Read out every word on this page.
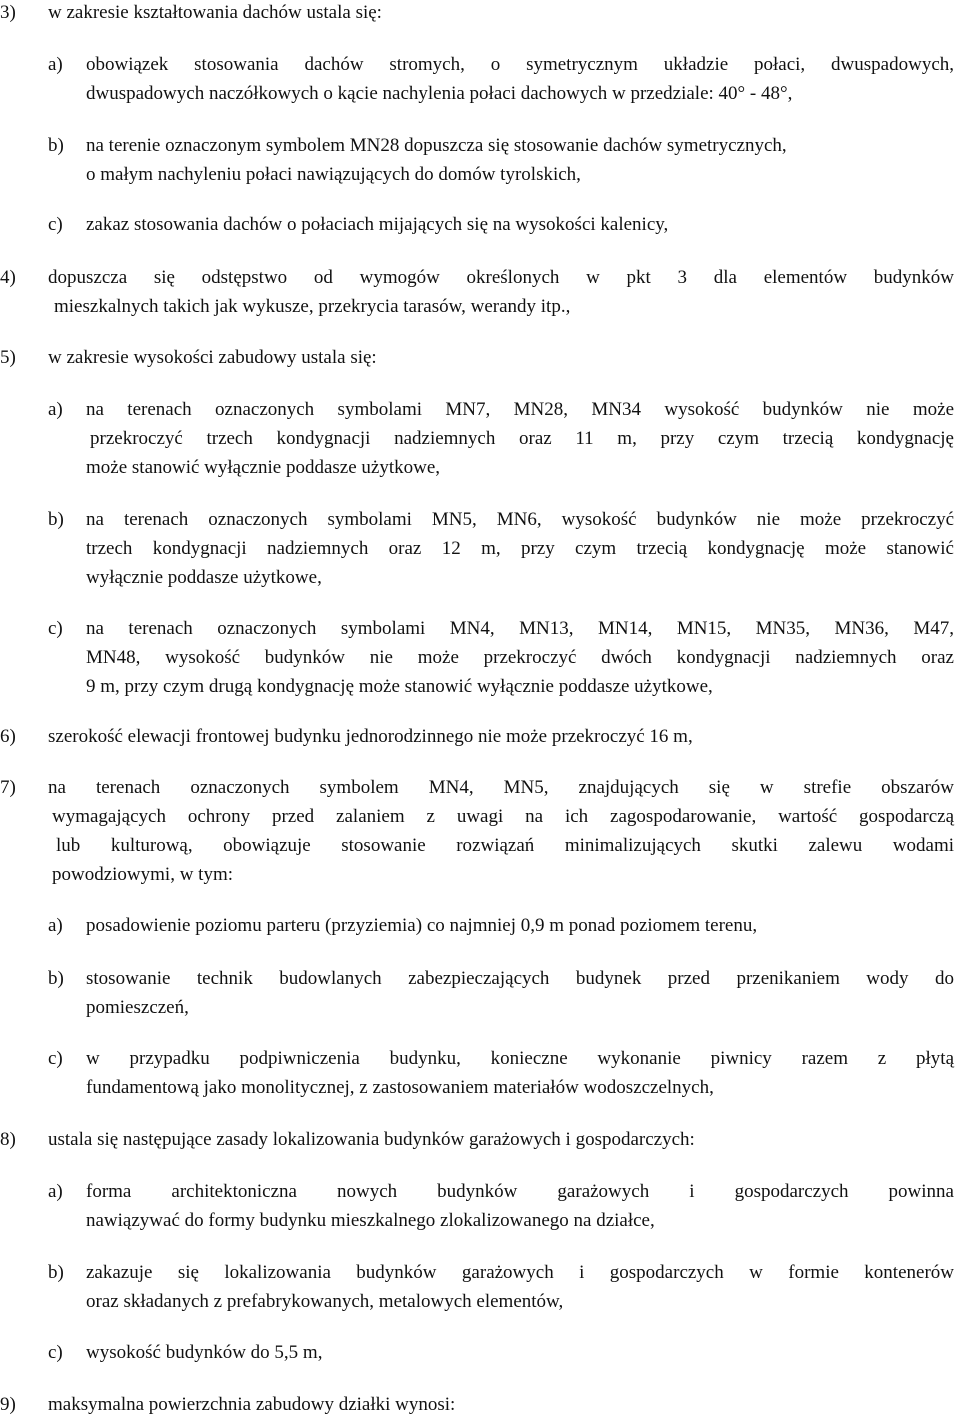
3)	w zakresie kształtowania dachów ustala się:
a)	obowiązek stosowania dachów stromych, o symetrycznym układzie połaci, dwuspadowych,
dwuspadowych naczółkowych o kącie nachylenia połaci dachowych w przedziale: 40° - 48°,
b)	na terenie oznaczonym symbolem MN28 dopuszcza się stosowanie dachów symetrycznych,
o małym nachyleniu połaci nawiązujących do domów tyrolskich,
c)	zakaz stosowania dachów o połaciach mijających się na wysokości kalenicy,
4)	dopuszcza się odstępstwo od wymogów określonych w pkt 3 dla elementów budynków
mieszkalnych takich jak wykusze, przekrycia tarasów, werandy itp.,
5)	w zakresie wysokości zabudowy ustala się:
a)	na terenach oznaczonych symbolami MN7, MN28, MN34 wysokość budynków nie może
przekroczyć trzech kondygnacji nadziemnych oraz 11 m, przy czym trzecią kondygnację
może stanowić wyłącznie poddasze użytkowe,
b)	na terenach oznaczonych symbolami MN5, MN6, wysokość budynków nie może przekroczyć
trzech kondygnacji nadziemnych oraz 12 m, przy czym trzecią kondygnację może stanowić
wyłącznie poddasze użytkowe,
c)	na terenach oznaczonych symbolami MN4, MN13, MN14, MN15, MN35, MN36, M47,
MN48, wysokość budynków nie może przekroczyć dwóch kondygnacji nadziemnych oraz
9 m, przy czym drugą kondygnację może stanowić wyłącznie poddasze użytkowe,
6)	szerokość elewacji frontowej budynku jednorodzinnego nie może przekroczyć 16 m,
7)	na terenach oznaczonych symbolem MN4, MN5, znajdujących się w strefie obszarów
wymagających ochrony przed zalaniem z uwagi na ich zagospodarowanie, wartość gospodarczą
lub kulturową, obowiązuje stosowanie rozwiązań minimalizujących skutki zalewu wodami
powodziowymi, w tym:
a)	posadowienie poziomu parteru (przyziemia) co najmniej 0,9 m ponad poziomem terenu,
b)	stosowanie technik budowlanych zabezpieczających budynek przed przenikaniem wody do
pomieszczeń,
c)	w przypadku podpiwniczenia budynku, konieczne wykonanie piwnicy razem z płytą
fundamentową jako monolitycznej, z zastosowaniem materiałów wodoszczelnych,
8)	ustala się następujące zasady lokalizowania budynków garażowych i gospodarczych:
a)	forma architektoniczna nowych budynków garażowych i gospodarczych powinna
nawiązywać do formy budynku mieszkalnego zlokalizowanego na działce,
b)	zakazuje się lokalizowania budynków garażowych i gospodarczych w formie kontenerów
oraz składanych z prefabrykowanych, metalowych elementów,
c)	wysokość budynków do 5,5 m,
9)	maksymalna powierzchnia zabudowy działki wynosi:
